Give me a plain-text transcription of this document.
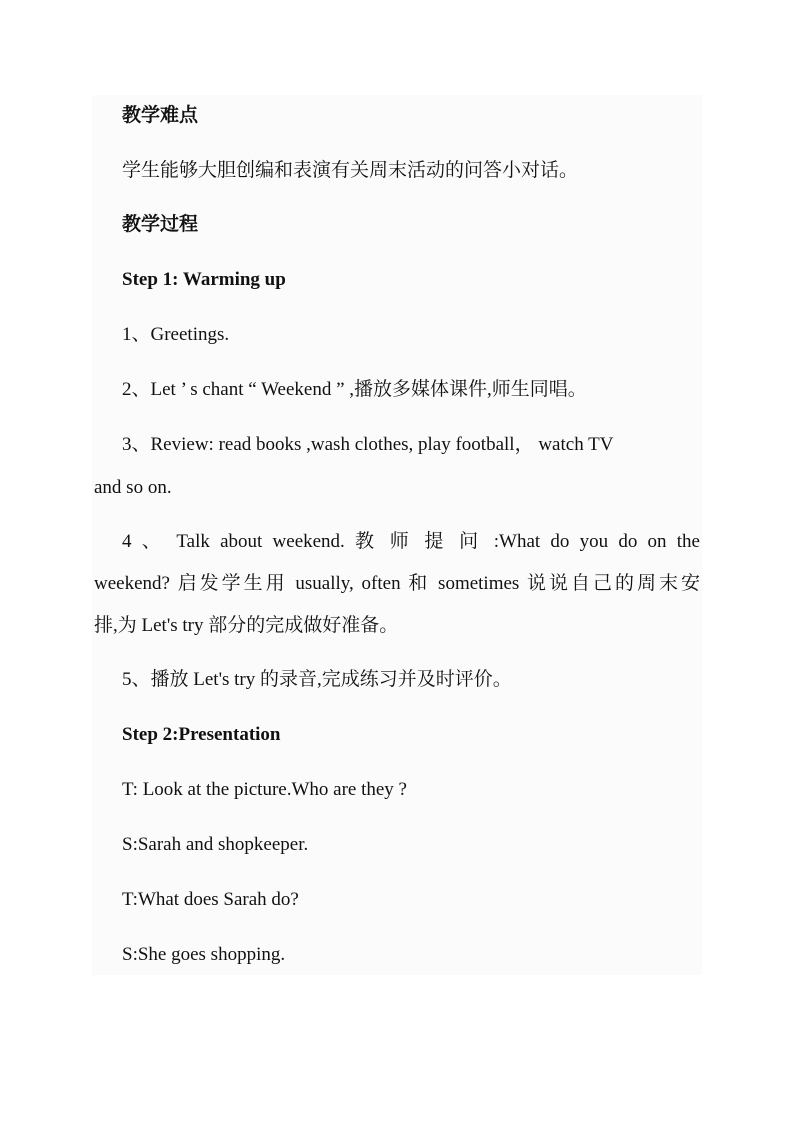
教学难点
学生能够大胆创编和表演有关周末活动的问答小对话。
教学过程
Step 1: Warming up
1、Greetings.
2、Let ’ s chant “ Weekend ” ,播放多媒体课件,师生同唱。
3、Review: read books ,wash clothes, play football， watch TV
and so on.
4 、 Talk about weekend. 教 师 提 问 :What do you do on the
weekend? 启发学生用 usually, often 和 sometimes 说说自己的周末安
排,为 Let's try 部分的完成做好准备。
5、播放 Let's try 的录音,完成练习并及时评价。
Step 2:Presentation
T: Look at the picture.Who are they ?
S:Sarah and shopkeeper.
T:What does Sarah do?
S:She goes shopping.
